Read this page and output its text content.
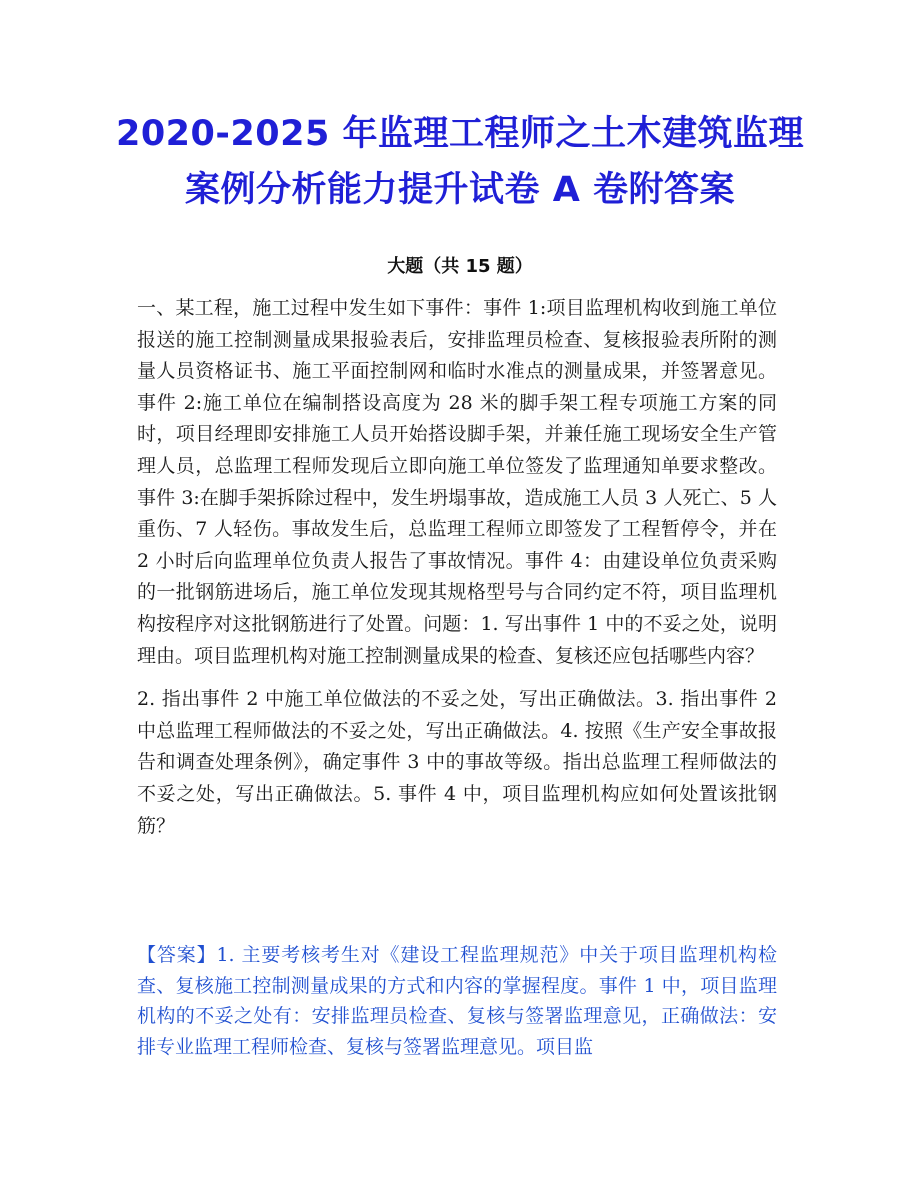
2020-2025 年监理工程师之土木建筑监理
案例分析能力提升试卷 A 卷附答案
大题（共 15 题）

一、某工程，施工过程中发生如下事件：事件 1:项目监理机构收到施工单位报送的施工控制测量成果报验表后，安排监理员检查、复核报验表所附的测量人员资格证书、施工平面控制网和临时水准点的测量成果，并签署意见。事件 2:施工单位在编制搭设高度为 28 米的脚手架工程专项施工方案的同时，项目经理即安排施工人员开始搭设脚手架，并兼任施工现场安全生产管理人员，总监理工程师发现后立即向施工单位签发了监理通知单要求整改。事件 3:在脚手架拆除过程中，发生坍塌事故，造成施工人员 3 人死亡、5 人重伤、7 人轻伤。事故发生后，总监理工程师立即签发了工程暂停令，并在 2 小时后向监理单位负责人报告了事故情况。事件 4：由建设单位负责采购的一批钢筋进场后，施工单位发现其规格型号与合同约定不符，项目监理机构按程序对这批钢筋进行了处置。问题：1. 写出事件 1 中的不妥之处，说明理由。项目监理机构对施工控制测量成果的检查、复核还应包括哪些内容？

2. 指出事件 2 中施工单位做法的不妥之处，写出正确做法。3. 指出事件 2 中总监理工程师做法的不妥之处，写出正确做法。4. 按照《生产安全事故报告和调查处理条例》，确定事件 3 中的事故等级。指出总监理工程师做法的不妥之处，写出正确做法。5. 事件 4 中，项目监理机构应如何处置该批钢筋？

【答案】1. 主要考核考生对《建设工程监理规范》中关于项目监理机构检查、复核施工控制测量成果的方式和内容的掌握程度。事件 1 中，项目监理机构的不妥之处有：安排监理员检查、复核与签署监理意见，正确做法：安排专业监理工程师检查、复核与签署监理意见。项目监
